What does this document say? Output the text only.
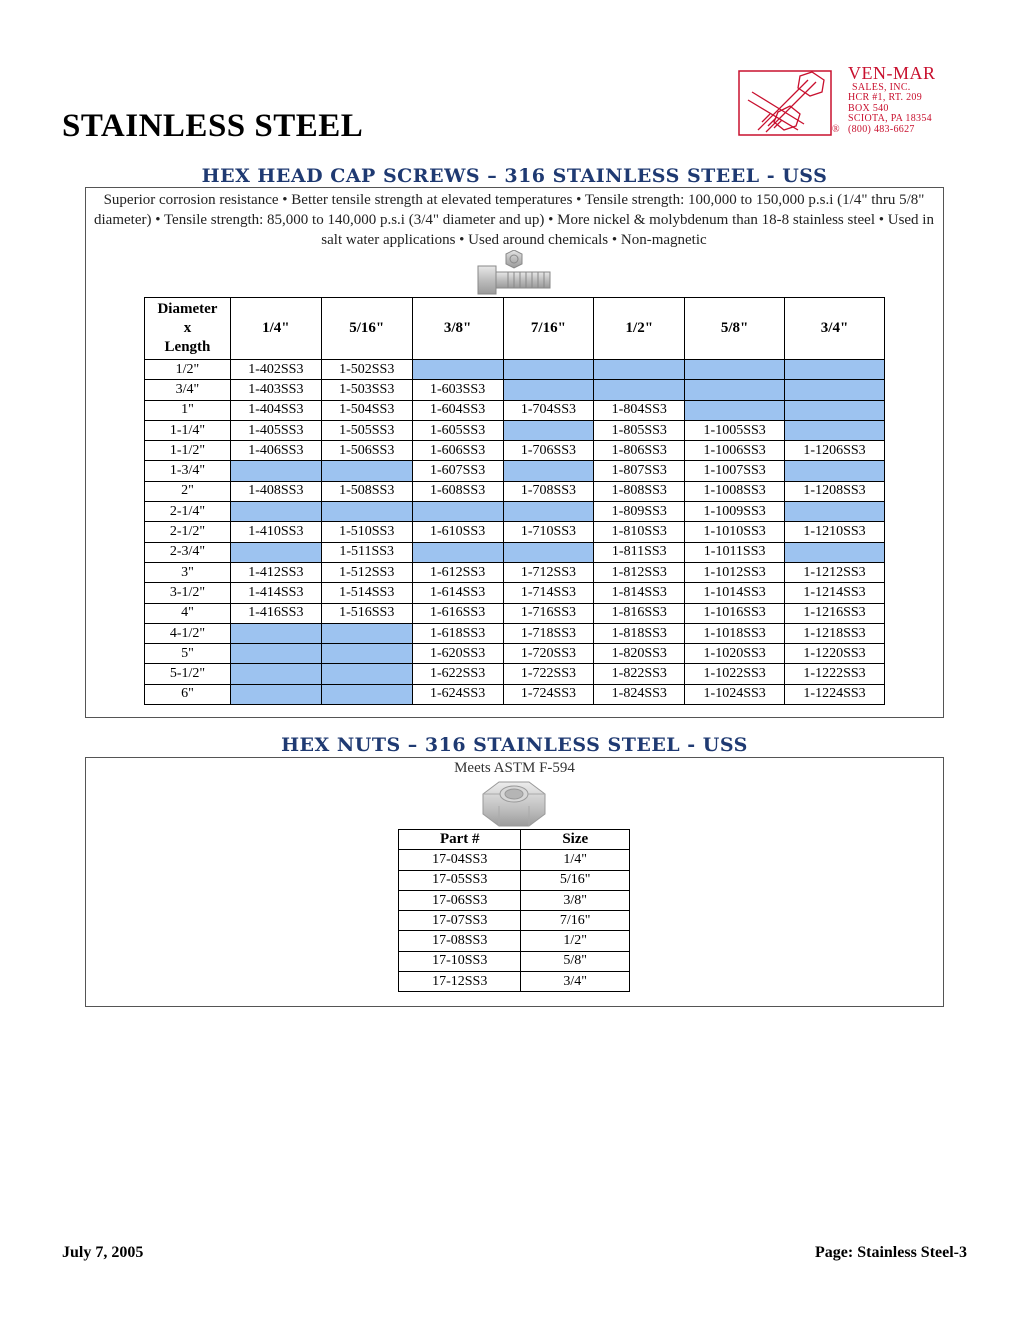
STAINLESS STEEL	®
VEN-MAR
SALES, INC.
HCR #1, RT. 209
BOX 540
SCIOTA, PA 18354
(800) 483-6627
HEX HEAD CAP SCREWS – 316 STAINLESS STEEL - USS
Superior corrosion resistance • Better tensile strength at elevated temperatures • Tensile strength: 100,000 to 150,000 p.s.i (1/4" thru 5/8" diameter) • Tensile strength: 85,000 to 140,000 p.s.i (3/4" diameter and up) • More nickel & molybdenum than 18-8 stainless steel • Used in salt water applications • Used around chemicals • Non-magnetic
Diameter
x
Length	1/4"	5/16"	3/8"	7/16"	1/2"	5/8"	3/4"
1/2"	1-402SS3	1-502SS3					
3/4"	1-403SS3	1-503SS3	1-603SS3				
1"	1-404SS3	1-504SS3	1-604SS3	1-704SS3	1-804SS3		
1-1/4"	1-405SS3	1-505SS3	1-605SS3		1-805SS3	1-1005SS3	
1-1/2"	1-406SS3	1-506SS3	1-606SS3	1-706SS3	1-806SS3	1-1006SS3	1-1206SS3
1-3/4"			1-607SS3		1-807SS3	1-1007SS3	
2"	1-408SS3	1-508SS3	1-608SS3	1-708SS3	1-808SS3	1-1008SS3	1-1208SS3
2-1/4"					1-809SS3	1-1009SS3	
2-1/2"	1-410SS3	1-510SS3	1-610SS3	1-710SS3	1-810SS3	1-1010SS3	1-1210SS3
2-3/4"		1-511SS3			1-811SS3	1-1011SS3	
3"	1-412SS3	1-512SS3	1-612SS3	1-712SS3	1-812SS3	1-1012SS3	1-1212SS3
3-1/2"	1-414SS3	1-514SS3	1-614SS3	1-714SS3	1-814SS3	1-1014SS3	1-1214SS3
4"	1-416SS3	1-516SS3	1-616SS3	1-716SS3	1-816SS3	1-1016SS3	1-1216SS3
4-1/2"			1-618SS3	1-718SS3	1-818SS3	1-1018SS3	1-1218SS3
5"			1-620SS3	1-720SS3	1-820SS3	1-1020SS3	1-1220SS3
5-1/2"			1-622SS3	1-722SS3	1-822SS3	1-1022SS3	1-1222SS3
6"			1-624SS3	1-724SS3	1-824SS3	1-1024SS3	1-1224SS3
HEX NUTS – 316 STAINLESS STEEL - USS
Meets ASTM F-594
Part #	Size
17-04SS3	1/4"
17-05SS3	5/16"
17-06SS3	3/8"
17-07SS3	7/16"
17-08SS3	1/2"
17-10SS3	5/8"
17-12SS3	3/4"
July 7, 2005	Page: Stainless Steel-3
